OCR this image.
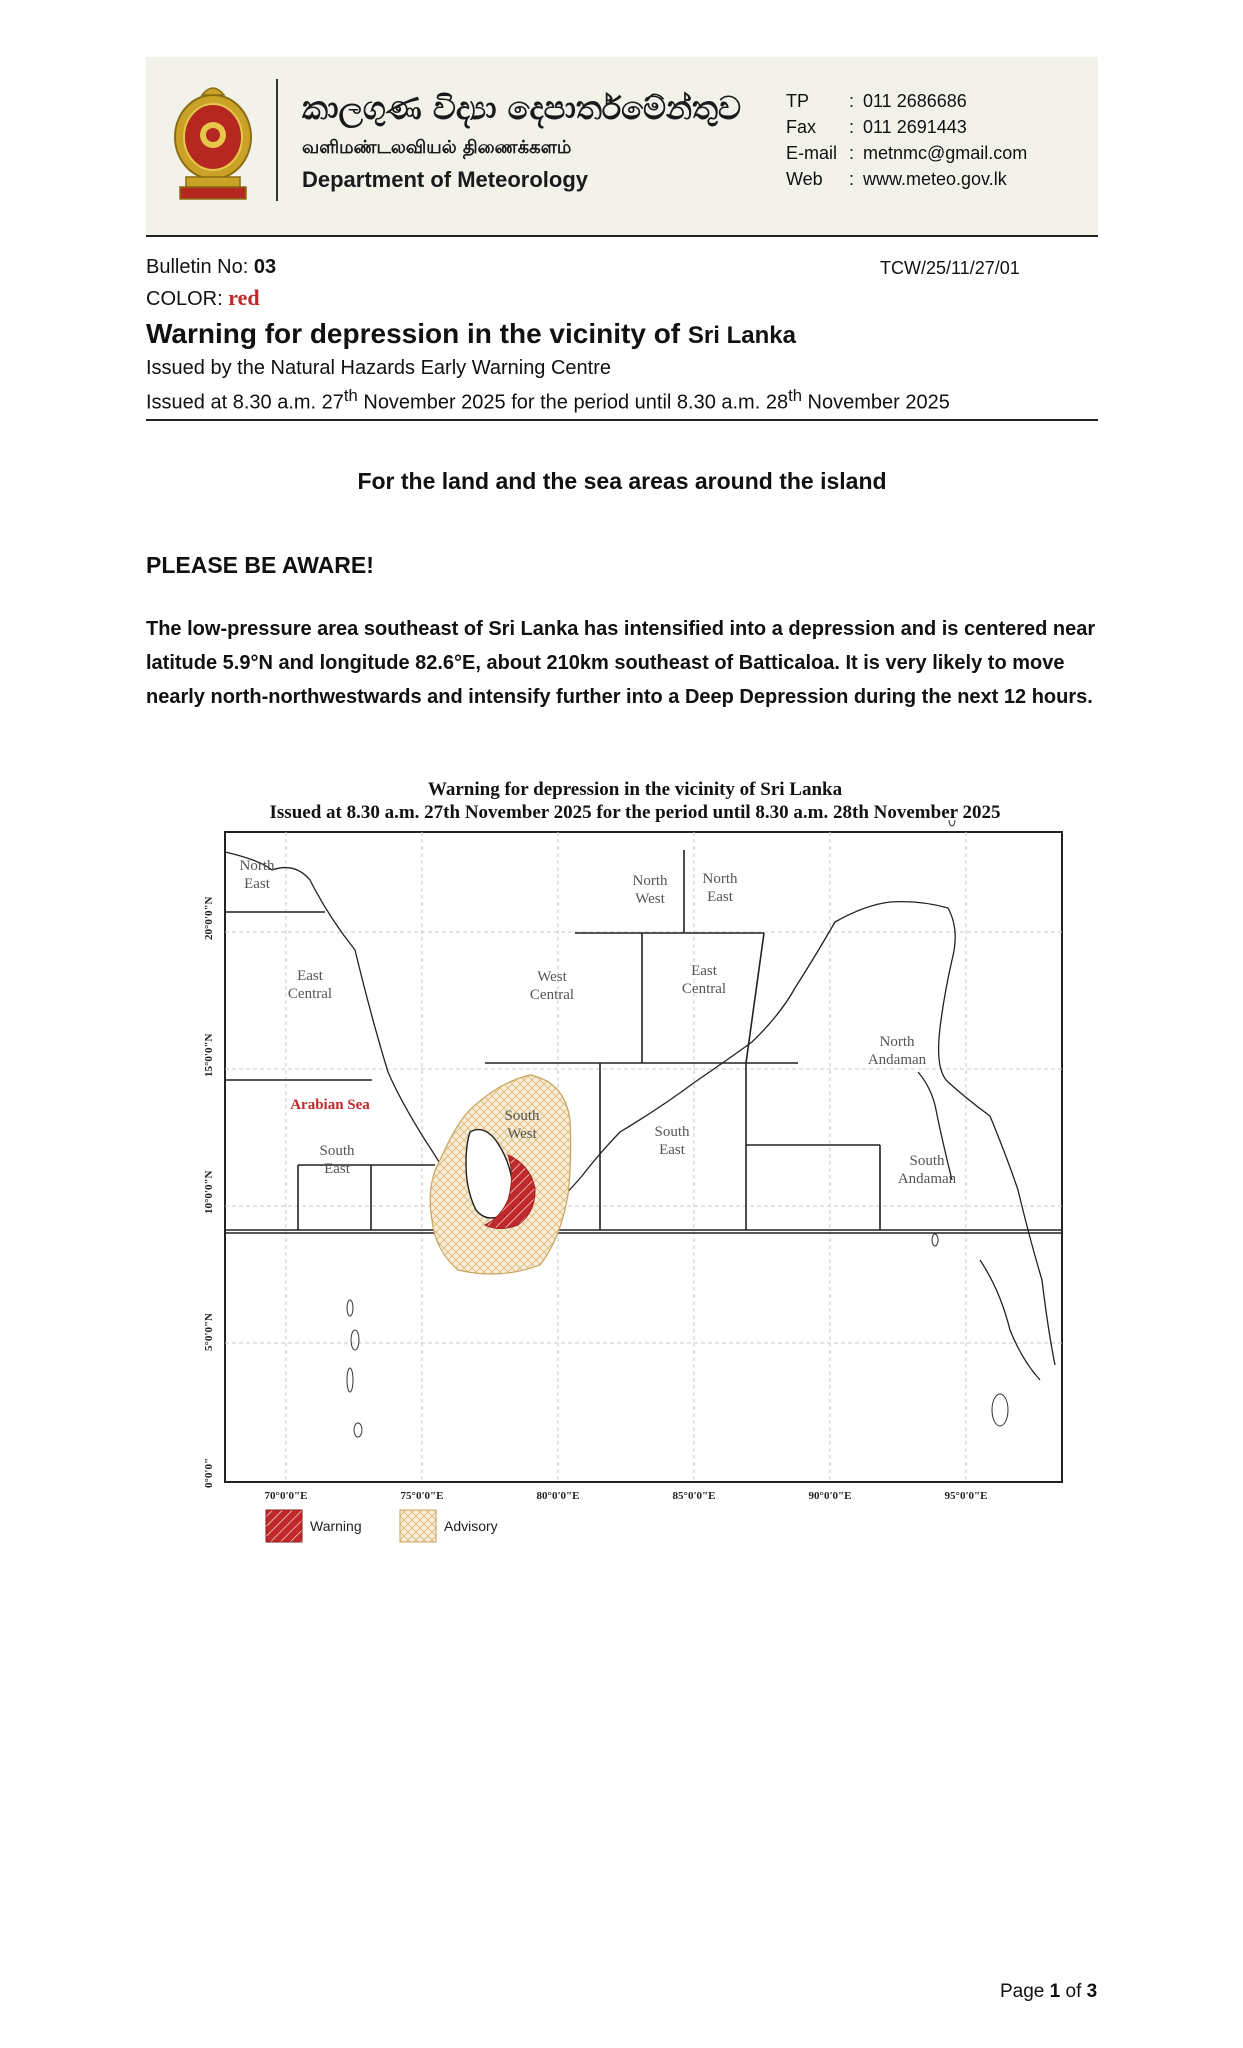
කාලගුණ විද්‍යා දෙපාර්තමේන්තුව
வளிமண்டலவியல் திணைக்களம்
Department of Meteorology
TP : 011 2686686
Fax : 011 2691443
E-mail : metnmc@gmail.com
Web : www.meteo.gov.lk
Bulletin No: 03	TCW/25/11/27/01
COLOR: red
Warning for depression in the vicinity of Sri Lanka
Issued by the Natural Hazards Early Warning Centre
Issued at 8.30 a.m. 27th November 2025 for the period until 8.30 a.m. 28th November 2025
For the land and the sea areas around the island
PLEASE BE AWARE!
The low-pressure area southeast of Sri Lanka has intensified into a depression and is centered near latitude 5.9°N and longitude 82.6°E, about 210km southeast of Batticaloa. It is very likely to move nearly north-northwestwards and intensify further into a Deep Depression during the next 12 hours.
Warning for depression in the vicinity of Sri Lanka
Issued at 8.30 a.m. 27th November 2025 for the period until 8.30 a.m. 28th November 2025
North
East
East
Central
South
East
North
West
North
East
West
Central
East
Central
South
West	South
East
North
Andaman
South
Andaman
Arabian Sea
20°0'0"N
15°0'0"N
10°0'0"N
5°0'0"N
0°0'0"
70°0'0"E	75°0'0"E	80°0'0"E	85°0'0"E	90°0'0"E	95°0'0"E
Warning	Advisory
Page 1 of 3
